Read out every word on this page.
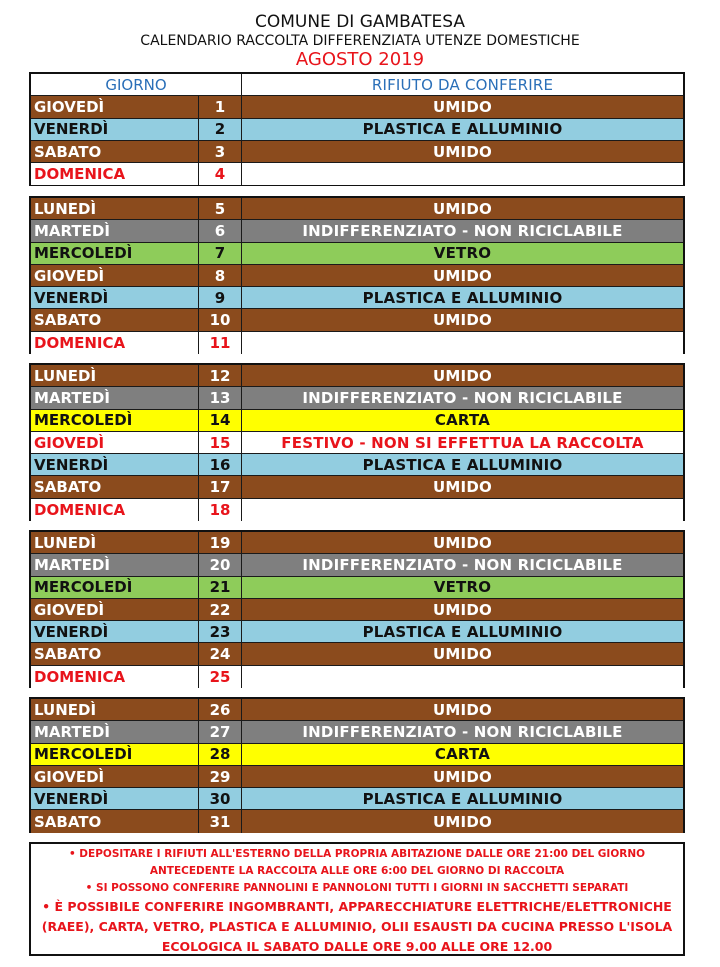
COMUNE DI GAMBATESA
CALENDARIO RACCOLTA DIFFERENZIATA UTENZE DOMESTICHE
AGOSTO 2019
GIORNO	RIFIUTO DA CONFERIRE
GIOVEDÌ	1	UMIDO
VENERDÌ	2	PLASTICA E ALLUMINIO
SABATO	3	UMIDO
DOMENICA	4
LUNEDÌ	5	UMIDO
MARTEDÌ	6	INDIFFERENZIATO - NON RICICLABILE
MERCOLEDÌ	7	VETRO
GIOVEDÌ	8	UMIDO
VENERDÌ	9	PLASTICA E ALLUMINIO
SABATO	10	UMIDO
DOMENICA	11
LUNEDÌ	12	UMIDO
MARTEDÌ	13	INDIFFERENZIATO - NON RICICLABILE
MERCOLEDÌ	14	CARTA
GIOVEDÌ	15	FESTIVO - NON SI EFFETTUA LA RACCOLTA
VENERDÌ	16	PLASTICA E ALLUMINIO
SABATO	17	UMIDO
DOMENICA	18
LUNEDÌ	19	UMIDO
MARTEDÌ	20	INDIFFERENZIATO - NON RICICLABILE
MERCOLEDÌ	21	VETRO
GIOVEDÌ	22	UMIDO
VENERDÌ	23	PLASTICA E ALLUMINIO
SABATO	24	UMIDO
DOMENICA	25
LUNEDÌ	26	UMIDO
MARTEDÌ	27	INDIFFERENZIATO - NON RICICLABILE
MERCOLEDÌ	28	CARTA
GIOVEDÌ	29	UMIDO
VENERDÌ	30	PLASTICA E ALLUMINIO
SABATO	31	UMIDO
• DEPOSITARE I RIFIUTI ALL'ESTERNO DELLA PROPRIA ABITAZIONE DALLE ORE 21:00 DEL GIORNO ANTECEDENTE LA RACCOLTA ALLE ORE 6:00 DEL GIORNO DI RACCOLTA
• SI POSSONO CONFERIRE PANNOLINI E PANNOLONI TUTTI I GIORNI IN SACCHETTI SEPARATI
• È POSSIBILE CONFERIRE INGOMBRANTI, APPARECCHIATURE ELETTRICHE/ELETTRONICHE (RAEE), CARTA, VETRO, PLASTICA E ALLUMINIO, OLII ESAUSTI DA CUCINA PRESSO L'ISOLA ECOLOGICA IL SABATO DALLE ORE 9.00 ALLE ORE 12.00
